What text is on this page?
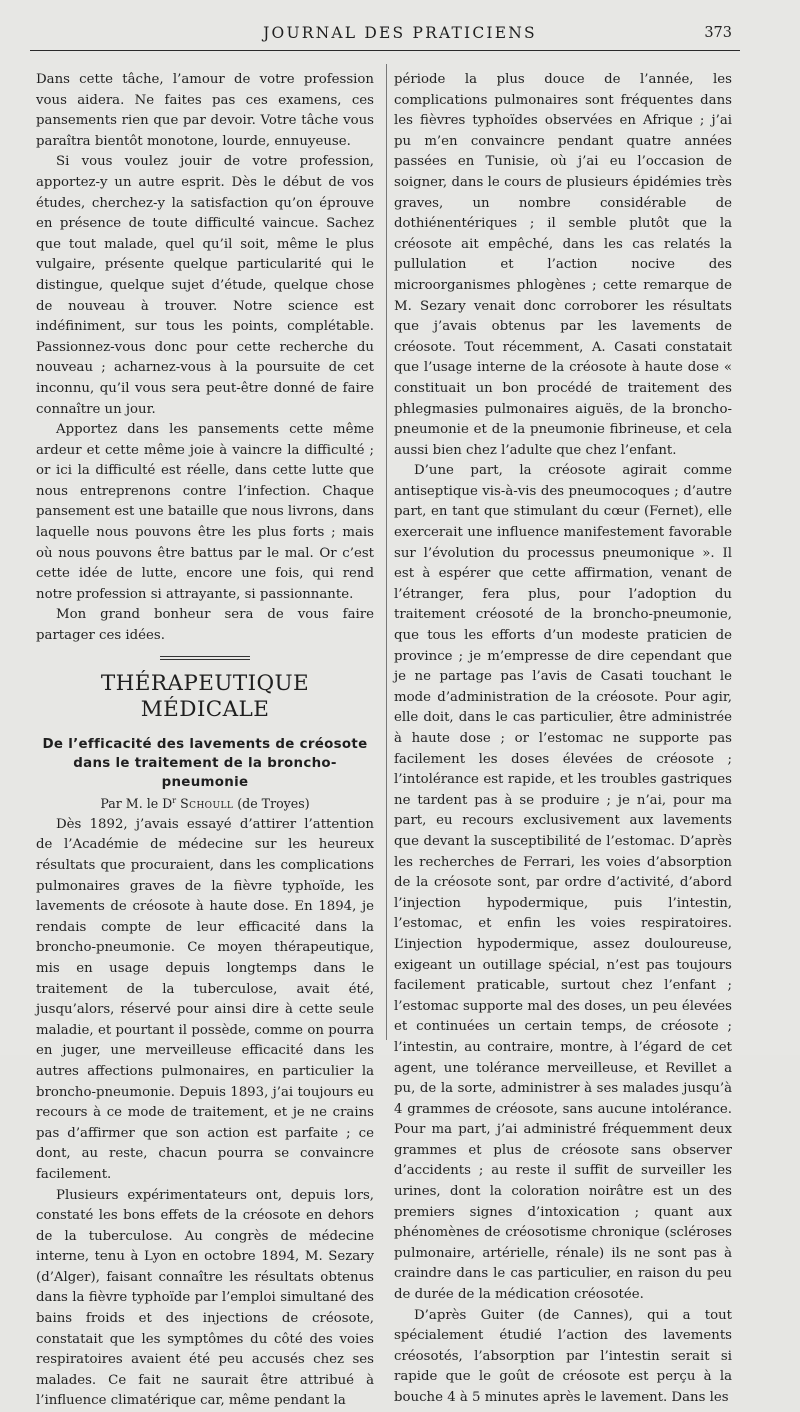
JOURNAL DES PRATICIENS	373

Dans cette tâche, l’amour de votre profession vous aidera. Ne faites pas ces examens, ces pansements rien que par devoir. Votre tâche vous paraîtra bientôt monotone, lourde, ennuyeuse.

Si vous voulez jouir de votre profession, apportez-y un autre esprit. Dès le début de vos études, cherchez-y la satisfaction qu’on éprouve en présence de toute difficulté vaincue. Sachez que tout malade, quel qu’il soit, même le plus vulgaire, présente quelque particularité qui le distingue, quelque sujet d’étude, quelque chose de nouveau à trouver. Notre science est indéfiniment, sur tous les points, complétable. Passionnez-vous donc pour cette recherche du nouveau ; acharnez-vous à la poursuite de cet inconnu, qu’il vous sera peut-être donné de faire connaître un jour.

Apportez dans les pansements cette même ardeur et cette même joie à vaincre la difficulté ; or ici la difficulté est réelle, dans cette lutte que nous entreprenons contre l’infection. Chaque pansement est une bataille que nous livrons, dans laquelle nous pouvons être les plus forts ; mais où nous pouvons être battus par le mal. Or c’est cette idée de lutte, encore une fois, qui rend notre profession si attrayante, si passionnante.

Mon grand bonheur sera de vous faire partager ces idées.

THÉRAPEUTIQUE MÉDICALE
De l’efficacité des lavements de créosote dans le traitement de la broncho-pneumonie
Par M. le $D^r$ Schoull (de Troyes)

Dès 1892, j’avais essayé d’attirer l’attention de l’Académie de médecine sur les heureux résultats que procuraient, dans les complications pulmonaires graves de la fièvre typhoïde, les lavements de créosote à haute dose. En 1894, je rendais compte de leur efficacité dans la broncho-pneumonie. Ce moyen thérapeutique, mis en usage depuis longtemps dans le traitement de la tuberculose, avait été, jusqu’alors, réservé pour ainsi dire à cette seule maladie, et pourtant il possède, comme on pourra en juger, une merveilleuse efficacité dans les autres affections pulmonaires, en particulier la broncho-pneumonie. Depuis 1893, j’ai toujours eu recours à ce mode de traitement, et je ne crains pas d’affirmer que son action est parfaite ; ce dont, au reste, chacun pourra se convaincre facilement.

Plusieurs expérimentateurs ont, depuis lors, constaté les bons effets de la créosote en dehors de la tuberculose. Au congrès de médecine interne, tenu à Lyon en octobre 1894, M. Sezary (d’Alger), faisant connaître les résultats obtenus dans la fièvre typhoïde par l’emploi simultané des bains froids et des injections de créosote, constatait que les symptômes du côté des voies respiratoires avaient été peu accusés chez ses malades. Ce fait ne saurait être attribué à l’influence climatérique car, même pendant la

période la plus douce de l’année, les complications pulmonaires sont fréquentes dans les fièvres typhoïdes observées en Afrique ; j’ai pu m’en convaincre pendant quatre années passées en Tunisie, où j’ai eu l’occasion de soigner, dans le cours de plusieurs épidémies très graves, un nombre considérable de dothiénentériques ; il semble plutôt que la créosote ait empêché, dans les cas relatés la pullulation et l’action nocive des microorganismes phlogènes ; cette remarque de M. Sezary venait donc corroborer les résultats que j’avais obtenus par les lavements de créosote. Tout récemment, A. Casati constatait que l’usage interne de la créosote à haute dose « constituait un bon procédé de traitement des phlegmasies pulmonaires aiguës, de la broncho-pneumonie et de la pneumonie fibrineuse, et cela aussi bien chez l’adulte que chez l’enfant.

D’une part, la créosote agirait comme antiseptique vis-à-vis des pneumocoques ; d’autre part, en tant que stimulant du cœur (Fernet), elle exercerait une influence manifestement favorable sur l’évolution du processus pneumonique ». Il est à espérer que cette affirmation, venant de l’étranger, fera plus, pour l’adoption du traitement créosoté de la broncho-pneumonie, que tous les efforts d’un modeste praticien de province ; je m’empresse de dire cependant que je ne partage pas l’avis de Casati touchant le mode d’administration de la créosote. Pour agir, elle doit, dans le cas particulier, être administrée à haute dose ; or l’estomac ne supporte pas facilement les doses élevées de créosote ; l’intolérance est rapide, et les troubles gastriques ne tardent pas à se produire ; je n’ai, pour ma part, eu recours exclusivement aux lavements que devant la susceptibilité de l’estomac. D’après les recherches de Ferrari, les voies d’absorption de la créosote sont, par ordre d’activité, d’abord l’injection hypodermique, puis l’intestin, l’estomac, et enfin les voies respiratoires. L’injection hypodermique, assez douloureuse, exigeant un outillage spécial, n’est pas toujours facilement praticable, surtout chez l’enfant ; l’estomac supporte mal des doses, un peu élevées et continuées un certain temps, de créosote ; l’intestin, au contraire, montre, à l’égard de cet agent, une tolérance merveilleuse, et Revillet a pu, de la sorte, administrer à ses malades jusqu’à 4 grammes de créosote, sans aucune intolérance. Pour ma part, j’ai administré fréquemment deux grammes et plus de créosote sans observer d’accidents ; au reste il suffit de surveiller les urines, dont la coloration noirâtre est un des premiers signes d’intoxication ; quant aux phénomènes de créosotisme chronique (scléroses pulmonaire, artérielle, rénale) ils ne sont pas à craindre dans le cas particulier, en raison du peu de durée de la médication créosotée.

D’après Guiter (de Cannes), qui a tout spécialement étudié l’action des lavements créosotés, l’absorption par l’intestin serait si rapide que le goût de créosote est perçu à la bouche 4 à 5 minutes après le lavement. Dans les
